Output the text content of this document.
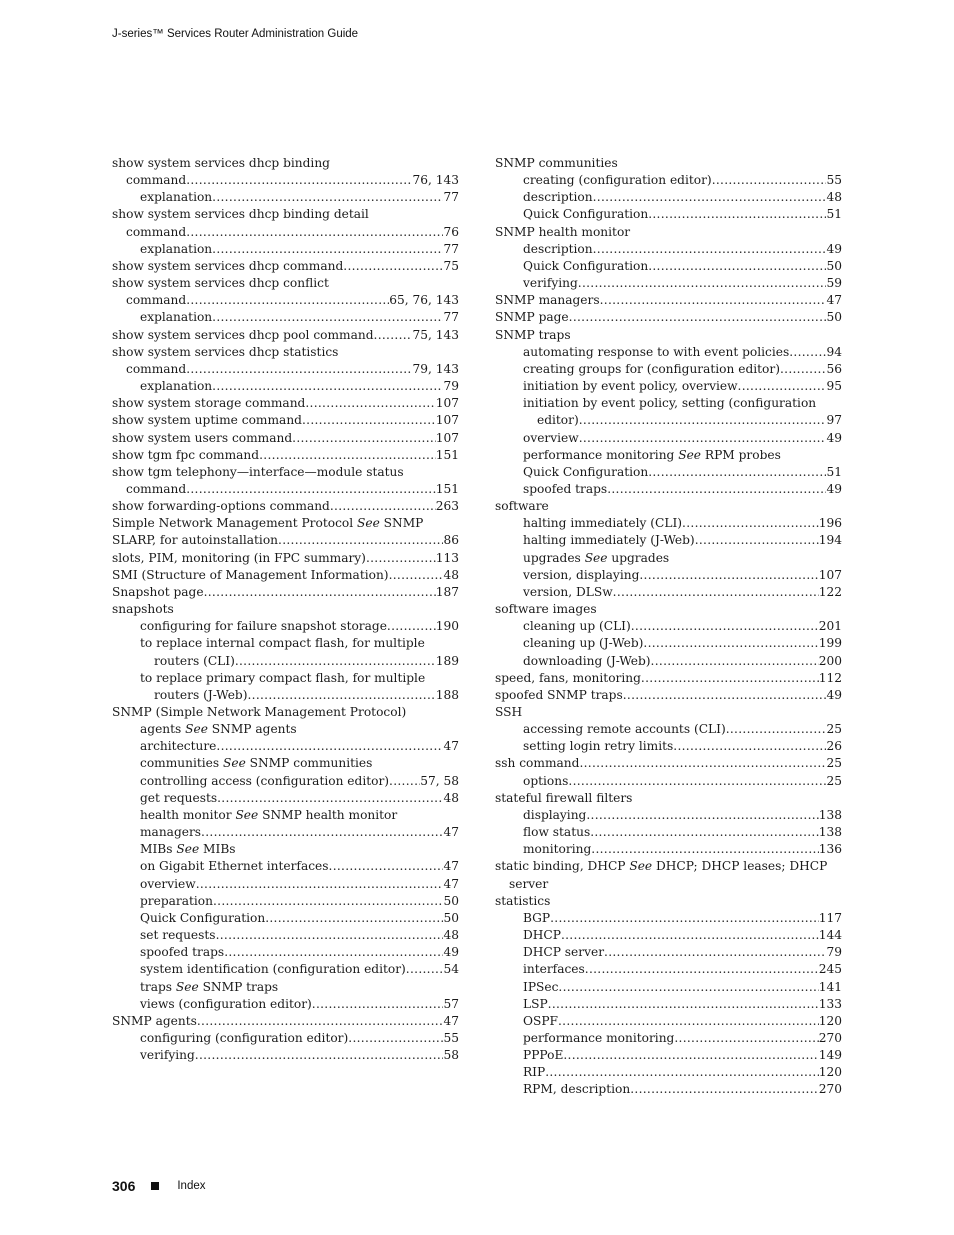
J-series™ Services Router Administration Guide
show system services dhcp binding
command .....	76, 143
explanation .....	77
show system services dhcp binding detail
command .....	76
explanation .....	77
show system services dhcp command .....	75
show system services dhcp conflict
command .....	65, 76, 143
explanation .....	77
show system services dhcp pool command .....	75, 143
show system services dhcp statistics
command .....	79, 143
explanation .....	79
show system storage command .....	107
show system uptime command .....	107
show system users command .....	107
show tgm fpc command .....	151
show tgm telephony—interface—module status
command .....	151
show forwarding-options command .....	263
Simple Network Management Protocol See SNMP
SLARP, for autoinstallation .....	86
slots, PIM, monitoring (in FPC summary) .....	113
SMI (Structure of Management Information) .....	48
Snapshot page .....	187
snapshots
configuring for failure snapshot storage .....	190
to replace internal compact flash, for multiple
routers (CLI) .....	189
to replace primary compact flash, for multiple
routers (J-Web) .....	188
SNMP (Simple Network Management Protocol)
agents See SNMP agents
architecture .....	47
communities See SNMP communities
controlling access (configuration editor) .....	57, 58
get requests .....	48
health monitor See SNMP health monitor
managers .....	47
MIBs See MIBs
on Gigabit Ethernet interfaces .....	47
overview .....	47
preparation .....	50
Quick Configuration .....	50
set requests .....	48
spoofed traps .....	49
system identification (configuration editor) .....	54
traps See SNMP traps
views (configuration editor) .....	57
SNMP agents .....	47
configuring (configuration editor) .....	55
verifying .....	58
SNMP communities
creating (configuration editor) .....	55
description .....	48
Quick Configuration .....	51
SNMP health monitor
description .....	49
Quick Configuration .....	50
verifying .....	59
SNMP managers .....	47
SNMP page .....	50
SNMP traps
automating response to with event policies .....	94
creating groups for (configuration editor) .....	56
initiation by event policy, overview .....	95
initiation by event policy, setting (configuration
editor) .....	97
overview .....	49
performance monitoring See RPM probes
Quick Configuration .....	51
spoofed traps .....	49
software
halting immediately (CLI) .....	196
halting immediately (J-Web) .....	194
upgrades See upgrades
version, displaying .....	107
version, DLSw .....	122
software images
cleaning up (CLI) .....	201
cleaning up (J-Web) .....	199
downloading (J-Web) .....	200
speed, fans, monitoring .....	112
spoofed SNMP traps .....	49
SSH
accessing remote accounts (CLI) .....	25
setting login retry limits .....	26
ssh command .....	25
options .....	25
stateful firewall filters
displaying .....	138
flow status .....	138
monitoring .....	136
static binding, DHCP See DHCP; DHCP leases; DHCP
server
statistics
BGP .....	117
DHCP .....	144
DHCP server .....	79
interfaces .....	245
IPSec .....	141
LSP .....	133
OSPF .....	120
performance monitoring .....	270
PPPoE .....	149
RIP .....	120
RPM, description .....	270
306	Index
